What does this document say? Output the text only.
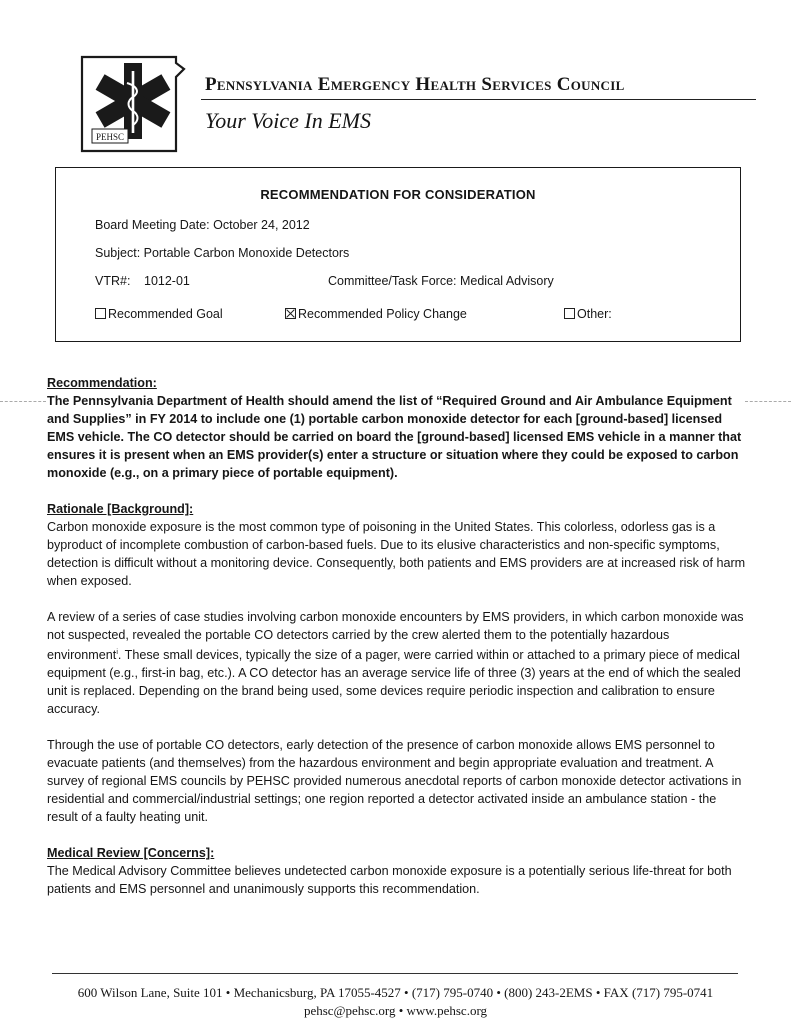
PEHSC
Pennsylvania Emergency Health Services Council
Your Voice In EMS
RECOMMENDATION FOR CONSIDERATION
Board Meeting Date: October 24, 2012
Subject: Portable Carbon Monoxide Detectors
VTR#: 1012-01	Committee/Task Force: Medical Advisory
Recommended Goal	Recommended Policy Change	Other:

Recommendation:

The Pennsylvania Department of Health should amend the list of “Required Ground and Air Ambulance Equipment and Supplies” in FY 2014 to include one (1) portable carbon monoxide detector for each [ground-based] licensed EMS vehicle. The CO detector should be carried on board the [ground-based] licensed EMS vehicle in a manner that ensures it is present when an EMS provider(s) enter a structure or situation where they could be exposed to carbon monoxide (e.g., on a primary piece of portable equipment).

Rationale [Background]:

Carbon monoxide exposure is the most common type of poisoning in the United States. This colorless, odorless gas is a byproduct of incomplete combustion of carbon-based fuels. Due to its elusive characteristics and non-specific symptoms, detection is difficult without a monitoring device. Consequently, both patients and EMS providers are at increased risk of harm when exposed.

A review of a series of case studies involving carbon monoxide encounters by EMS providers, in which carbon monoxide was not suspected, revealed the portable CO detectors carried by the crew alerted them to the potentially hazardous environment$^i$. These small devices, typically the size of a pager, were carried within or attached to a primary piece of medical equipment (e.g., first-in bag, etc.). A CO detector has an average service life of three (3) years at the end of which the sealed unit is replaced. Depending on the brand being used, some devices require periodic inspection and calibration to ensure accuracy.

Through the use of portable CO detectors, early detection of the presence of carbon monoxide allows EMS personnel to evacuate patients (and themselves) from the hazardous environment and begin appropriate evaluation and treatment. A survey of regional EMS councils by PEHSC provided numerous anecdotal reports of carbon monoxide detector activations in residential and commercial/industrial settings; one region reported a detector activated inside an ambulance station - the result of a faulty heating unit.

Medical Review [Concerns]:

The Medical Advisory Committee believes undetected carbon monoxide exposure is a potentially serious life-threat for both patients and EMS personnel and unanimously supports this recommendation.

600 Wilson Lane, Suite 101 • Mechanicsburg, PA 17055-4527 • (717) 795-0740 • (800) 243-2EMS • FAX (717) 795-0741
pehsc@pehsc.org • www.pehsc.org
